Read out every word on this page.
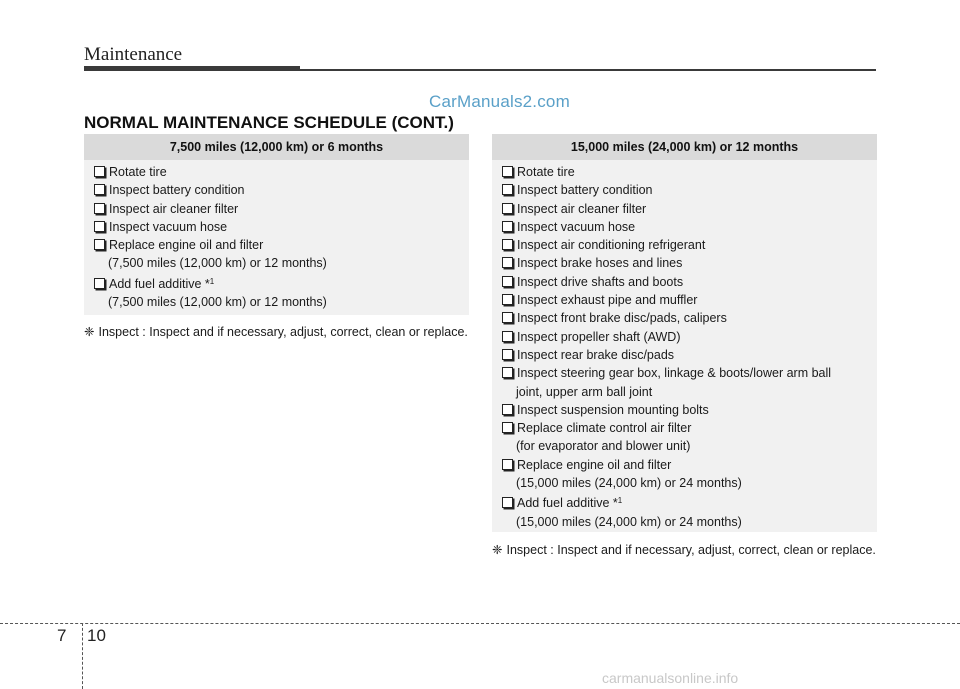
Maintenance
CarManuals2.com
NORMAL MAINTENANCE SCHEDULE (CONT.)
7,500 miles (12,000 km) or 6 months
Rotate tire
Inspect battery condition
Inspect air cleaner filter
Inspect vacuum hose
Replace engine oil and filter
(7,500 miles (12,000 km) or 12 months)
Add fuel additive *$^1$
(7,500 miles (12,000 km) or 12 months)
❈ Inspect : Inspect and if necessary, adjust, correct, clean or replace.
15,000 miles (24,000 km) or 12 months
Rotate tire
Inspect battery condition
Inspect air cleaner filter
Inspect vacuum hose
Inspect air conditioning refrigerant
Inspect brake hoses and lines
Inspect drive shafts and boots
Inspect exhaust pipe and muffler
Inspect front brake disc/pads, calipers
Inspect propeller shaft (AWD)
Inspect rear brake disc/pads
Inspect steering gear box, linkage & boots/lower arm ball
joint, upper arm ball joint
Inspect suspension mounting bolts
Replace climate control air filter
(for evaporator and blower unit)
Replace engine oil and filter
(15,000 miles (24,000 km) or 24 months)
Add fuel additive *$^1$
(15,000 miles (24,000 km) or 24 months)
❈ Inspect : Inspect and if necessary, adjust, correct, clean or replace.
7 10
carmanualsonline.info
